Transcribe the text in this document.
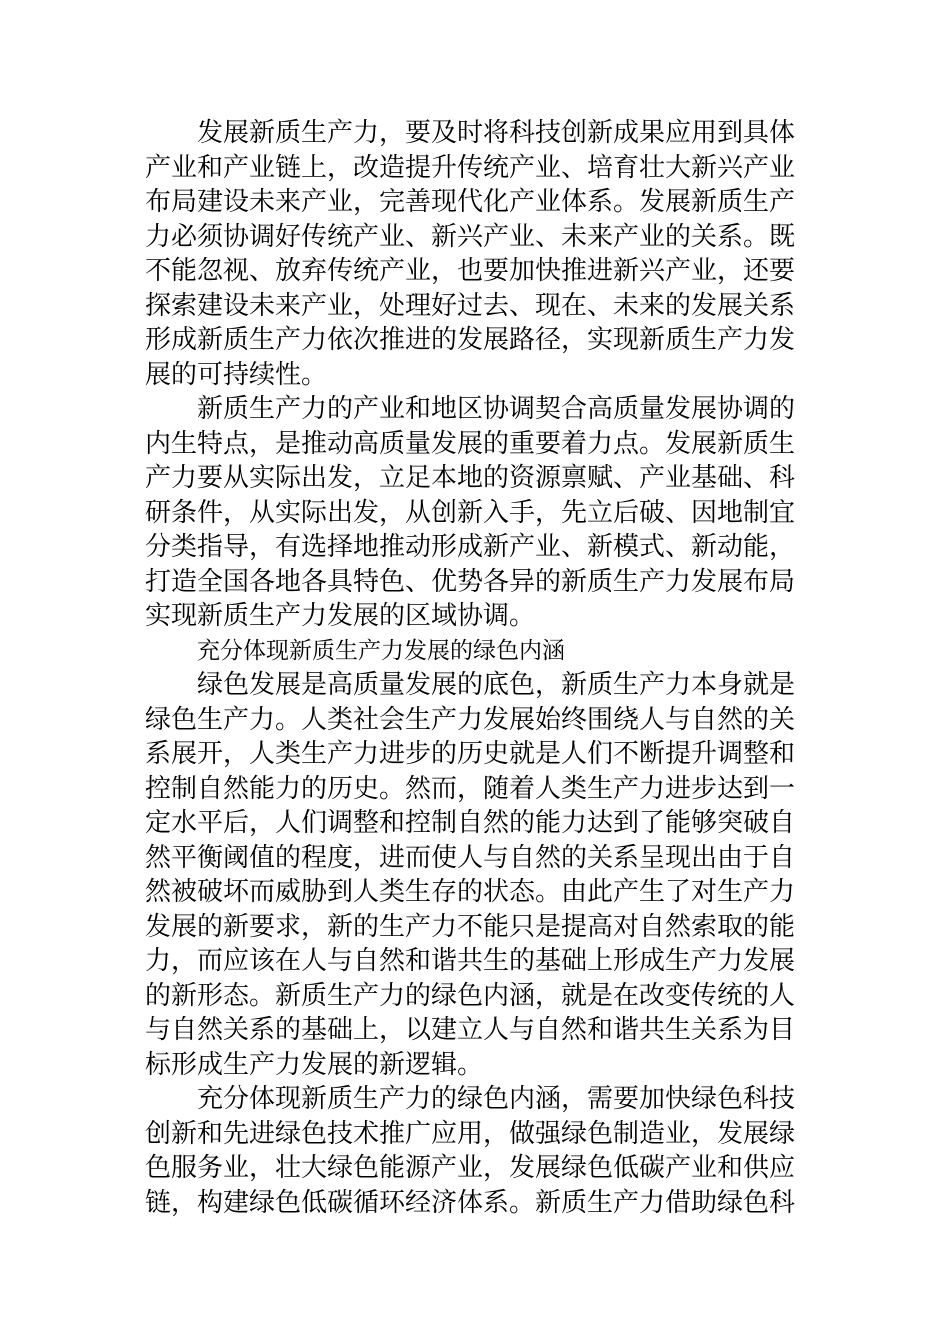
发展新质生产力，要及时将科技创新成果应用到具体
产业和产业链上，改造提升传统产业、培育壮大新兴产业
布局建设未来产业，完善现代化产业体系。发展新质生产
力必须协调好传统产业、新兴产业、未来产业的关系。既
不能忽视、放弃传统产业，也要加快推进新兴产业，还要
探索建设未来产业，处理好过去、现在、未来的发展关系
形成新质生产力依次推进的发展路径，实现新质生产力发
展的可持续性。
新质生产力的产业和地区协调契合高质量发展协调的
内生特点，是推动高质量发展的重要着力点。发展新质生
产力要从实际出发，立足本地的资源禀赋、产业基础、科
研条件，从实际出发，从创新入手，先立后破、因地制宜
分类指导，有选择地推动形成新产业、新模式、新动能，
打造全国各地各具特色、优势各异的新质生产力发展布局
实现新质生产力发展的区域协调。
充分体现新质生产力发展的绿色内涵
绿色发展是高质量发展的底色，新质生产力本身就是
绿色生产力。人类社会生产力发展始终围绕人与自然的关
系展开，人类生产力进步的历史就是人们不断提升调整和
控制自然能力的历史。然而，随着人类生产力进步达到一
定水平后，人们调整和控制自然的能力达到了能够突破自
然平衡阈值的程度，进而使人与自然的关系呈现出由于自
然被破坏而威胁到人类生存的状态。由此产生了对生产力
发展的新要求，新的生产力不能只是提高对自然索取的能
力，而应该在人与自然和谐共生的基础上形成生产力发展
的新形态。新质生产力的绿色内涵，就是在改变传统的人
与自然关系的基础上，以建立人与自然和谐共生关系为目
标形成生产力发展的新逻辑。
充分体现新质生产力的绿色内涵，需要加快绿色科技
创新和先进绿色技术推广应用，做强绿色制造业，发展绿
色服务业，壮大绿色能源产业，发展绿色低碳产业和供应
链，构建绿色低碳循环经济体系。新质生产力借助绿色科
